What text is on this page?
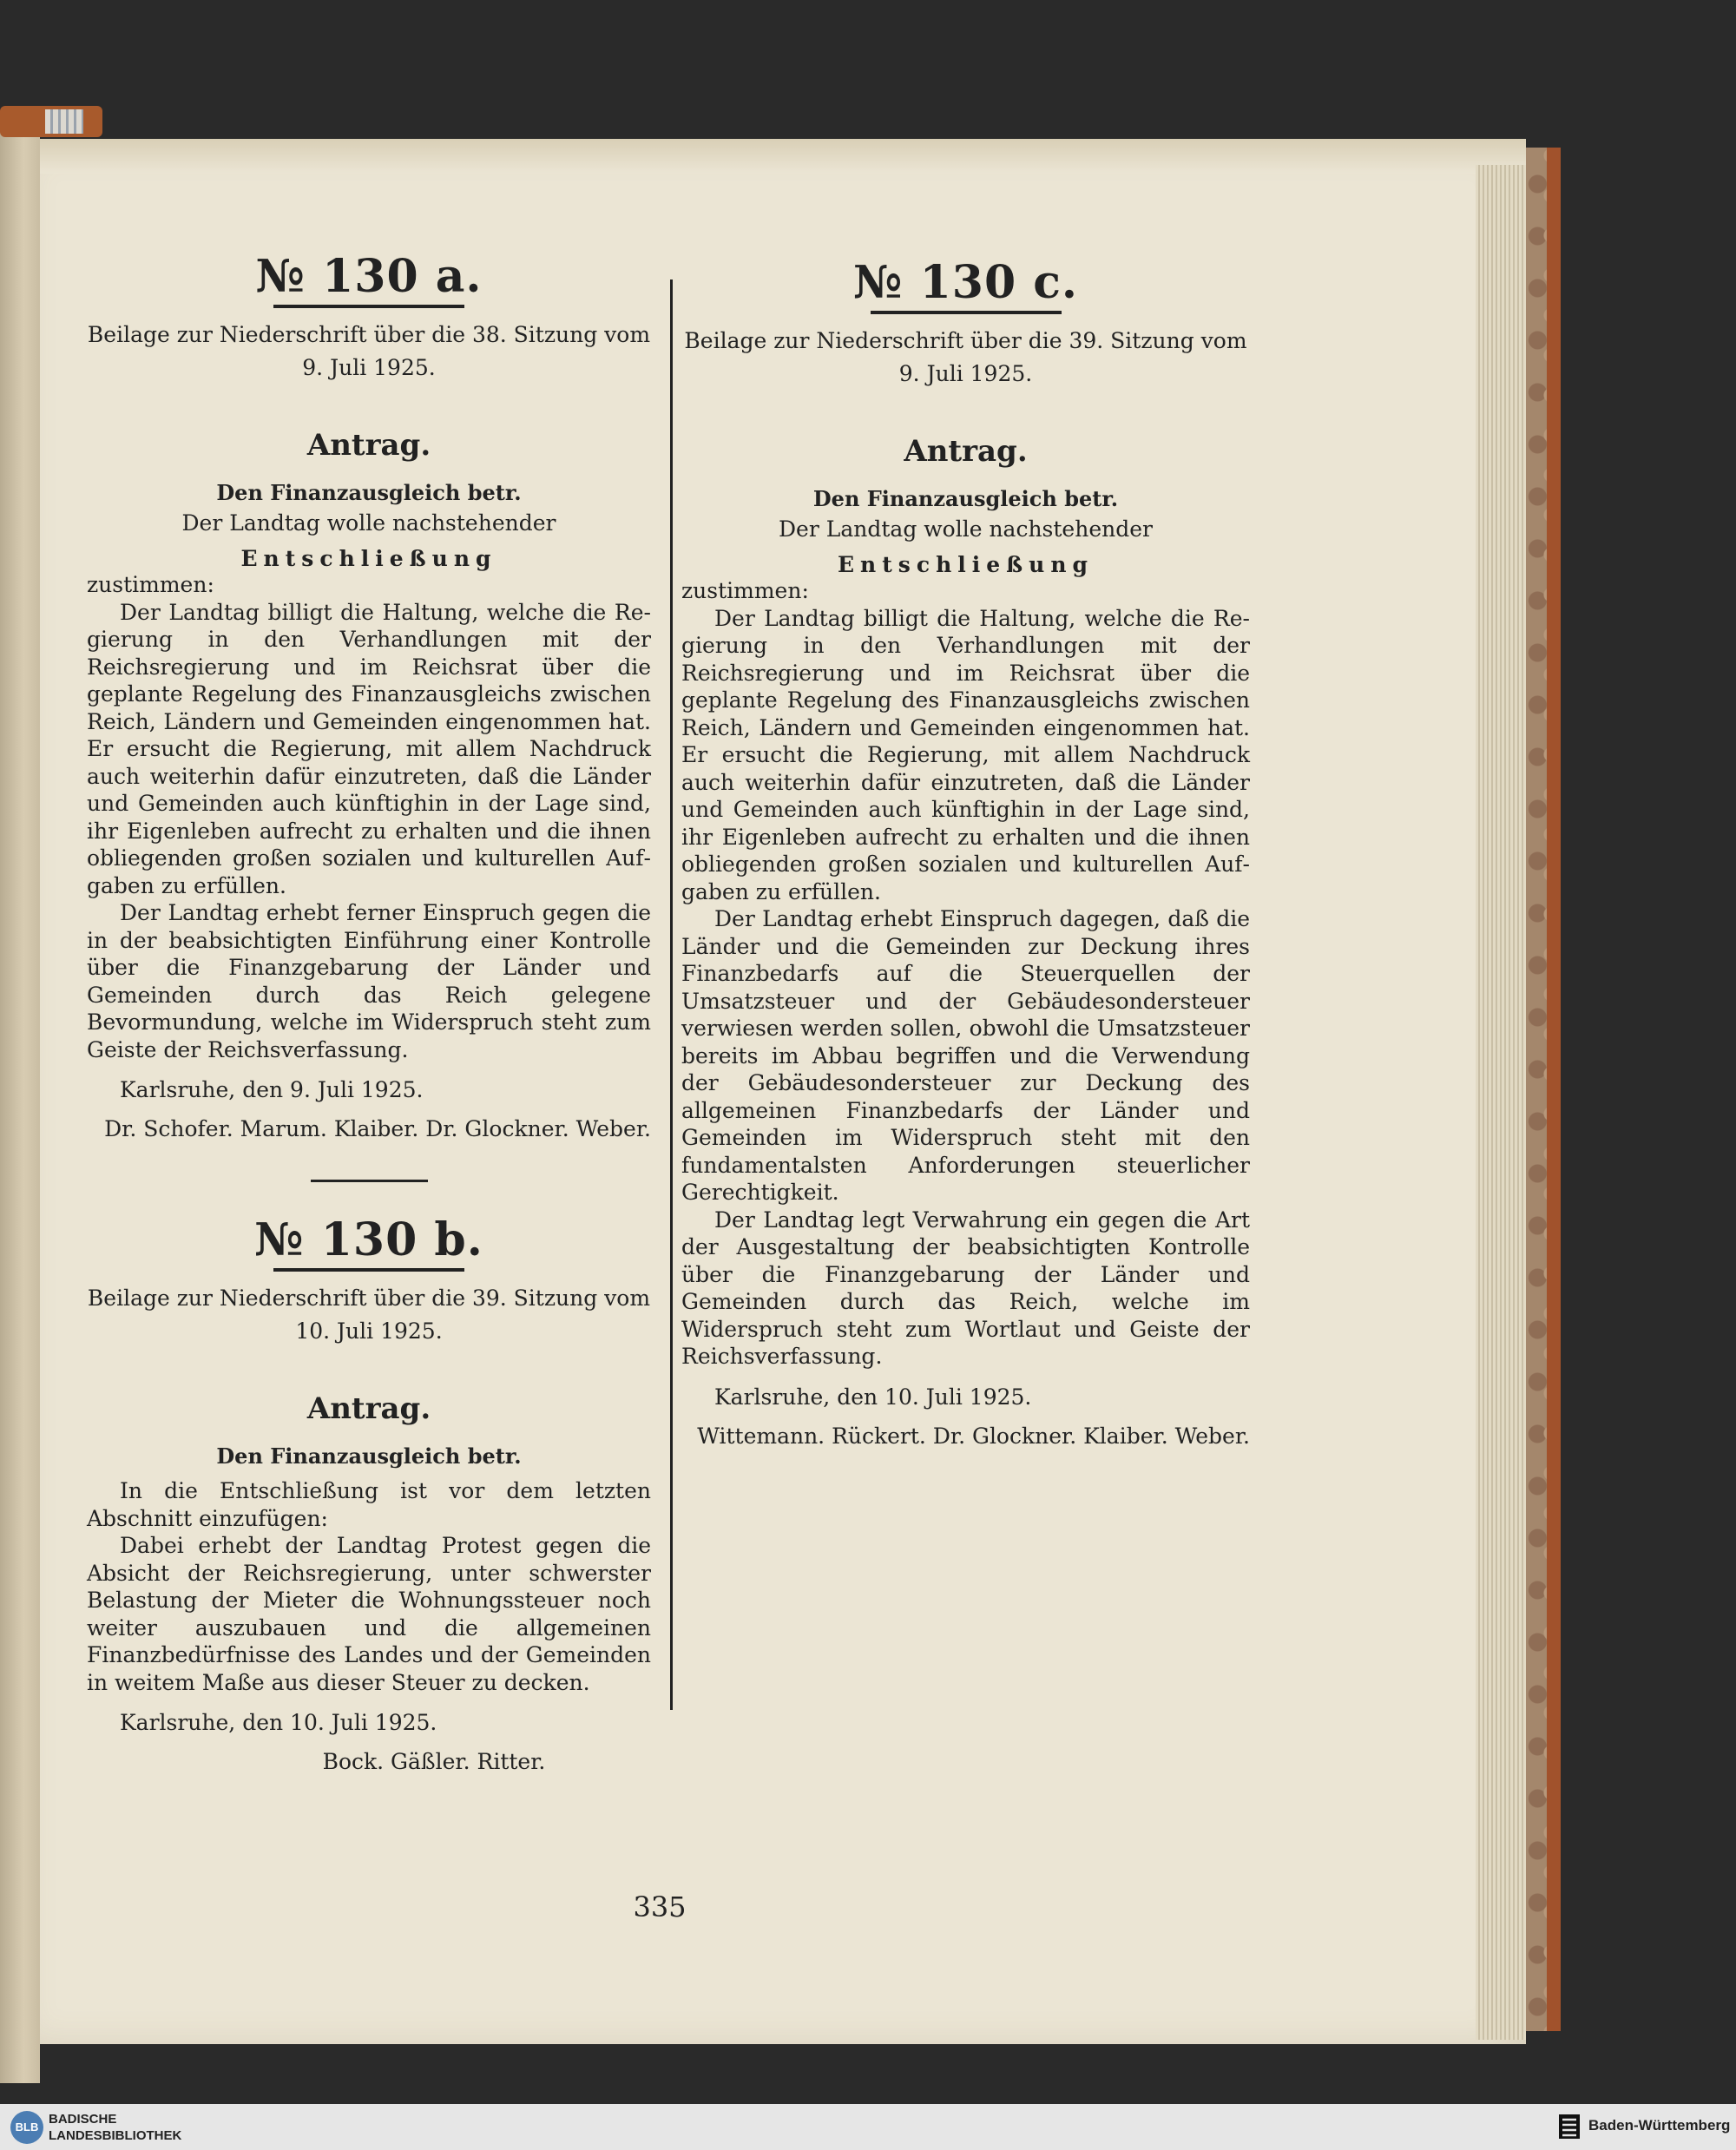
№ 130 a.

Beilage zur Niederschrift über die 38. Sitzung vom 9. Juli 1925.

Antrag.

Den Finanzausgleich betr.

Der Landtag wolle nachstehender

Entschließung

zustimmen:

Der Landtag billigt die Haltung, welche die Regierung in den Verhandlungen mit der Reichsregierung und im Reichsrat über die geplante Regelung des Finanzausgleichs zwischen Reich, Ländern und Gemeinden eingenommen hat. Er ersucht die Regierung, mit allem Nachdruck auch weiterhin dafür einzutreten, daß die Länder und Gemeinden auch künftighin in der Lage sind, ihr Eigenleben aufrecht zu erhalten und die ihnen obliegenden großen sozialen und kulturellen Aufgaben zu erfüllen.

Der Landtag erhebt ferner Einspruch gegen die in der beabsichtigten Einführung einer Kontrolle über die Finanzgebarung der Länder und Gemeinden durch das Reich gelegene Bevormundung, welche im Widerspruch steht zum Geiste der Reichsverfassung.

Karlsruhe, den 9. Juli 1925.

Dr. Schofer. Marum. Klaiber. Dr. Glockner. Weber.

№ 130 b.

Beilage zur Niederschrift über die 39. Sitzung vom 10. Juli 1925.

Antrag.

Den Finanzausgleich betr.

In die Entschließung ist vor dem letzten Abschnitt einzufügen:

Dabei erhebt der Landtag Protest gegen die Absicht der Reichsregierung, unter schwerster Belastung der Mieter die Wohnungssteuer noch weiter auszubauen und die allgemeinen Finanzbedürfnisse des Landes und der Gemeinden in weitem Maße aus dieser Steuer zu decken.

Karlsruhe, den 10. Juli 1925.

Bock. Gäßler. Ritter.

№ 130 c.

Beilage zur Niederschrift über die 39. Sitzung vom 9. Juli 1925.

Antrag.

Den Finanzausgleich betr.

Der Landtag wolle nachstehender

Entschließung

zustimmen:

Der Landtag billigt die Haltung, welche die Regierung in den Verhandlungen mit der Reichsregierung und im Reichsrat über die geplante Regelung des Finanzausgleichs zwischen Reich, Ländern und Gemeinden eingenommen hat. Er ersucht die Regierung, mit allem Nachdruck auch weiterhin dafür einzutreten, daß die Länder und Gemeinden auch künftighin in der Lage sind, ihr Eigenleben aufrecht zu erhalten und die ihnen obliegenden großen sozialen und kulturellen Aufgaben zu erfüllen.

Der Landtag erhebt Einspruch dagegen, daß die Länder und die Gemeinden zur Deckung ihres Finanzbedarfs auf die Steuerquellen der Umsatzsteuer und der Gebäudesondersteuer verwiesen werden sollen, obwohl die Umsatzsteuer bereits im Abbau begriffen und die Verwendung der Gebäudesondersteuer zur Deckung des allgemeinen Finanzbedarfs der Länder und Gemeinden im Widerspruch steht mit den fundamentalsten Anforderungen steuerlicher Gerechtigkeit.

Der Landtag legt Verwahrung ein gegen die Art der Ausgestaltung der beabsichtigten Kontrolle über die Finanzgebarung der Länder und Gemeinden durch das Reich, welche im Widerspruch steht zum Wortlaut und Geiste der Reichsverfassung.

Karlsruhe, den 10. Juli 1925.

Wittemann. Rückert. Dr. Glockner. Klaiber. Weber.

335
BLB
BADISCHE LANDESBIBLIOTHEK
Baden-Württemberg
